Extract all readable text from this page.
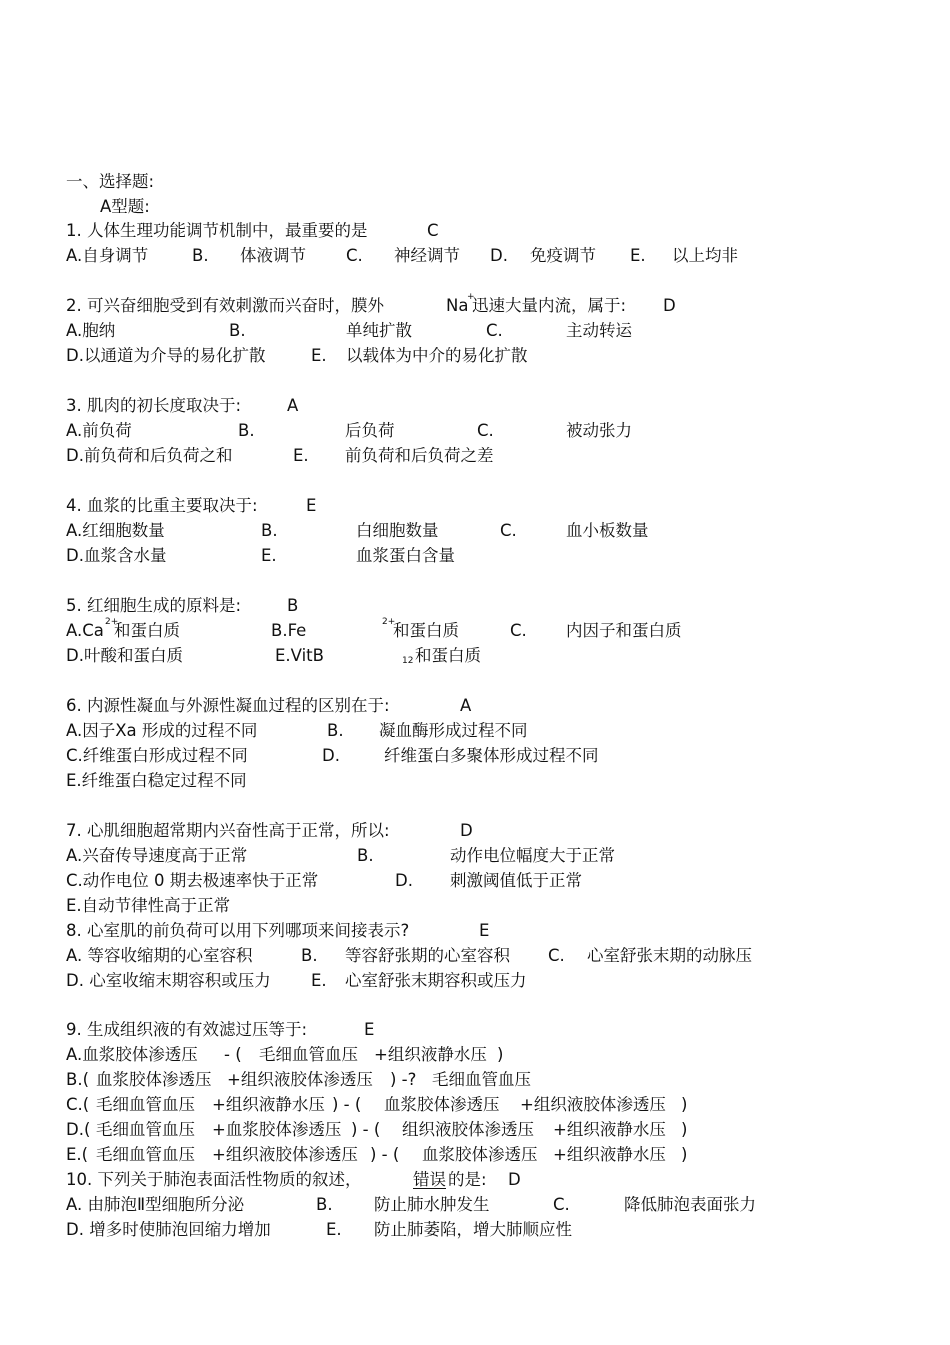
一、选择题:
A型题:
1. 人体生理功能调节机制中，最重要的是	C
A.自身调节	B. 体液调节 C. 神经调节 D. 免疫调节 E. 以上均非
2. 可兴奋细胞受到有效刺激而兴奋时，膜外	Na
+
迅速大量内流，属于: D
A.胞纳	B.	单纯扩散	C.	主动转运
D.以通道为介导的易化扩散	E. 以载体为中介的易化扩散
3. 肌肉的初长度取决于:	A
A.前负荷	B.	后负荷	C.	被动张力
D.前负荷和后负荷之和	E. 前负荷和后负荷之差
4. 血浆的比重主要取决于:	E
A.红细胞数量	B.	白细胞数量	C.	血小板数量
D.血浆含水量	E.	血浆蛋白含量
5. 红细胞生成的原料是:	B
A.Ca 2+
和蛋白质	B.Fe	2+
和蛋白质	C. 内因子和蛋白质
D.叶酸和蛋白质	E.VitB	12 和蛋白质
6. 内源性凝血与外源性凝血过程的区别在于:	A
A.因子Ⅹa 形成的过程不同	B. 凝血酶形成过程不同
C.纤维蛋白形成过程不同	D.	纤维蛋白多聚体形成过程不同
E.纤维蛋白稳定过程不同
7. 心肌细胞超常期内兴奋性高于正常，所以:	D
A.兴奋传导速度高于正常	B.	动作电位幅度大于正常
C.动作电位 0 期去极速率快于正常	D. 刺激阈值低于正常
E.自动节律性高于正常
8. 心室肌的前负荷可以用下列哪项来间接表示?	E
A. 等容收缩期的心室容积	B. 等容舒张期的心室容积 C. 心室舒张末期的动脉压
D. 心室收缩末期容积或压力 E. 心室舒张末期容积或压力
9. 生成组织液的有效滤过压等于:	E
A.血浆胶体渗透压 - ( 毛细血管血压 +组织液静水压 )
B.( 血浆胶体渗透压 +组织液胶体渗透压 ) -? 毛细血管血压
C.( 毛细血管血压 +组织液静水压 ) - ( 血浆胶体渗透压 +组织液胶体渗透压 )
D.( 毛细血管血压 +血浆胶体渗透压 ) - ( 组织液胶体渗透压 +组织液静水压 )
E.( 毛细血管血压 +组织液胶体渗透压 ) - ( 血浆胶体渗透压 +组织液静水压 )
10. 下列关于肺泡表面活性物质的叙述，	错误 的是: D
A. 由肺泡Ⅱ型细胞所分泌	B.	防止肺水肿发生	C.	降低肺泡表面张力
D. 增多时使肺泡回缩力增加	E. 防止肺萎陷，增大肺顺应性
